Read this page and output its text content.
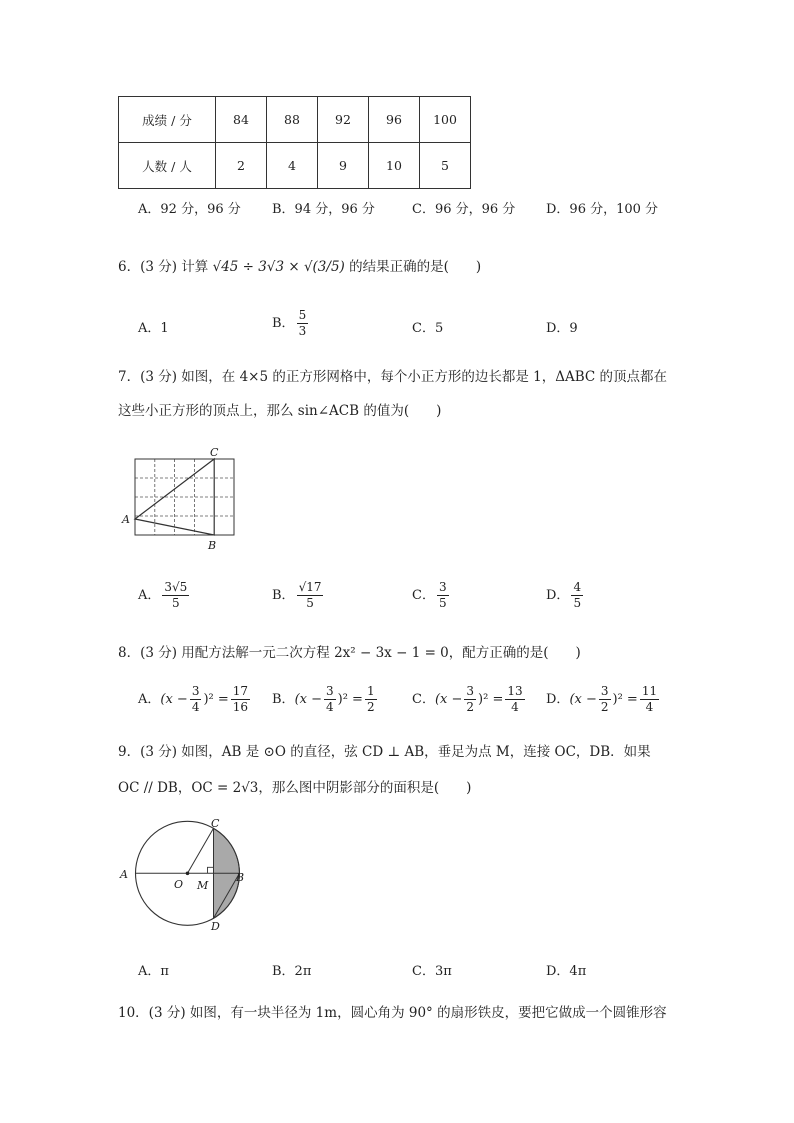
成绩 / 分	84	88	92	96	100
人数 / 人	2	4	9	10	5
A．92 分，96 分 B．94 分，96 分	C．96 分，96 分 D．96 分，100 分
6．(3 分) 计算 √45 ÷ 3√3 × √(3/5) 的结果正确的是(　　)
A．1	B． $\frac{5}{3}$	C．5	D．9
7．(3 分) 如图，在 4×5 的正方形网格中，每个小正方形的边长都是 1，ΔABC 的顶点都在
这些小正方形的顶点上，那么 sin∠ACB 的值为(　　)
A
C
B
A． $\frac{3√5}{5}$	B． $\frac{√17}{5}$	C． $\frac{3}{5}$	D． $\frac{4}{5}$
8．(3 分) 用配方法解一元二次方程 2x² − 3x − 1 = 0，配方正确的是(　　)
A．$(x - \frac{3}{4} )^2 = \frac{17}{16}$ B．$(x - \frac{3}{4} )^2 = \frac{1}{2}$	C．$(x - \frac{3}{2} )^2 = \frac{13}{4}$ D．$(x - \frac{3}{2} )^2 = \frac{11}{4}$
9．(3 分) 如图，AB 是 ⊙O 的直径，弦 CD ⊥ AB，垂足为点 M，连接 OC，DB．如果
OC // DB，OC = 2√3，那么图中阴影部分的面积是(　　)
A
O M
B
C
D
A．π	B．2π	C．3π	D．4π
10．(3 分) 如图，有一块半径为 1m，圆心角为 90° 的扇形铁皮，要把它做成一个圆锥形容
